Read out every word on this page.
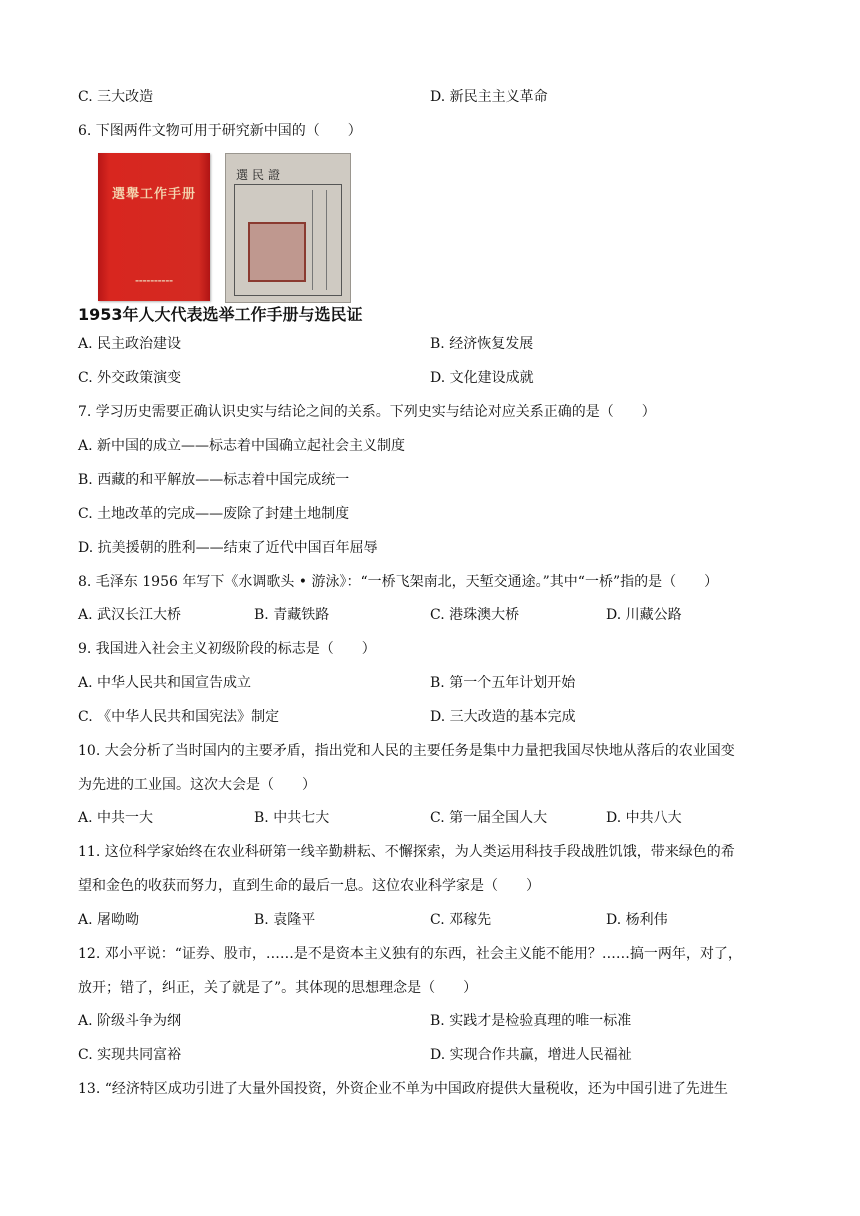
C. 三大改造	D. 新民主主义革命
6. 下图两件文物可用于研究新中国的（　　）
選舉工作手册
▬▬▬▬▬▬▬▬▬▬
選民證
1953年人大代表选举工作手册与选民证
A. 民主政治建设	B. 经济恢复发展
C. 外交政策演变	D. 文化建设成就
7. 学习历史需要正确认识史实与结论之间的关系。下列史实与结论对应关系正确的是（　　）
A. 新中国的成立——标志着中国确立起社会主义制度
B. 西藏的和平解放——标志着中国完成统一
C. 土地改革的完成——废除了封建土地制度
D. 抗美援朝的胜利——结束了近代中国百年屈辱
8. 毛泽东 1956 年写下《水调歌头 • 游泳》：“一桥飞架南北，天堑交通途。”其中“一桥”指的是（　　）
A. 武汉长江大桥	B. 青藏铁路	C. 港珠澳大桥	D. 川藏公路
9. 我国进入社会主义初级阶段的标志是（　　）
A. 中华人民共和国宣告成立	B. 第一个五年计划开始
C. 《中华人民共和国宪法》制定	D. 三大改造的基本完成
10. 大会分析了当时国内的主要矛盾，指出党和人民的主要任务是集中力量把我国尽快地从落后的农业国变
为先进的工业国。这次大会是（　　）
A. 中共一大	B. 中共七大	C. 第一届全国人大	D. 中共八大
11. 这位科学家始终在农业科研第一线辛勤耕耘、不懈探索，为人类运用科技手段战胜饥饿，带来绿色的希
望和金色的收获而努力，直到生命的最后一息。这位农业科学家是（　　）
A. 屠呦呦	B. 袁隆平	C. 邓稼先	D. 杨利伟
12. 邓小平说：“证券、股市，……是不是资本主义独有的东西，社会主义能不能用？……搞一两年，对了，
放开；错了，纠正，关了就是了”。其体现的思想理念是（　　）
A. 阶级斗争为纲	B. 实践才是检验真理的唯一标准
C. 实现共同富裕	D. 实现合作共赢，增进人民福祉
13. “经济特区成功引进了大量外国投资，外资企业不单为中国政府提供大量税收，还为中国引进了先进生
